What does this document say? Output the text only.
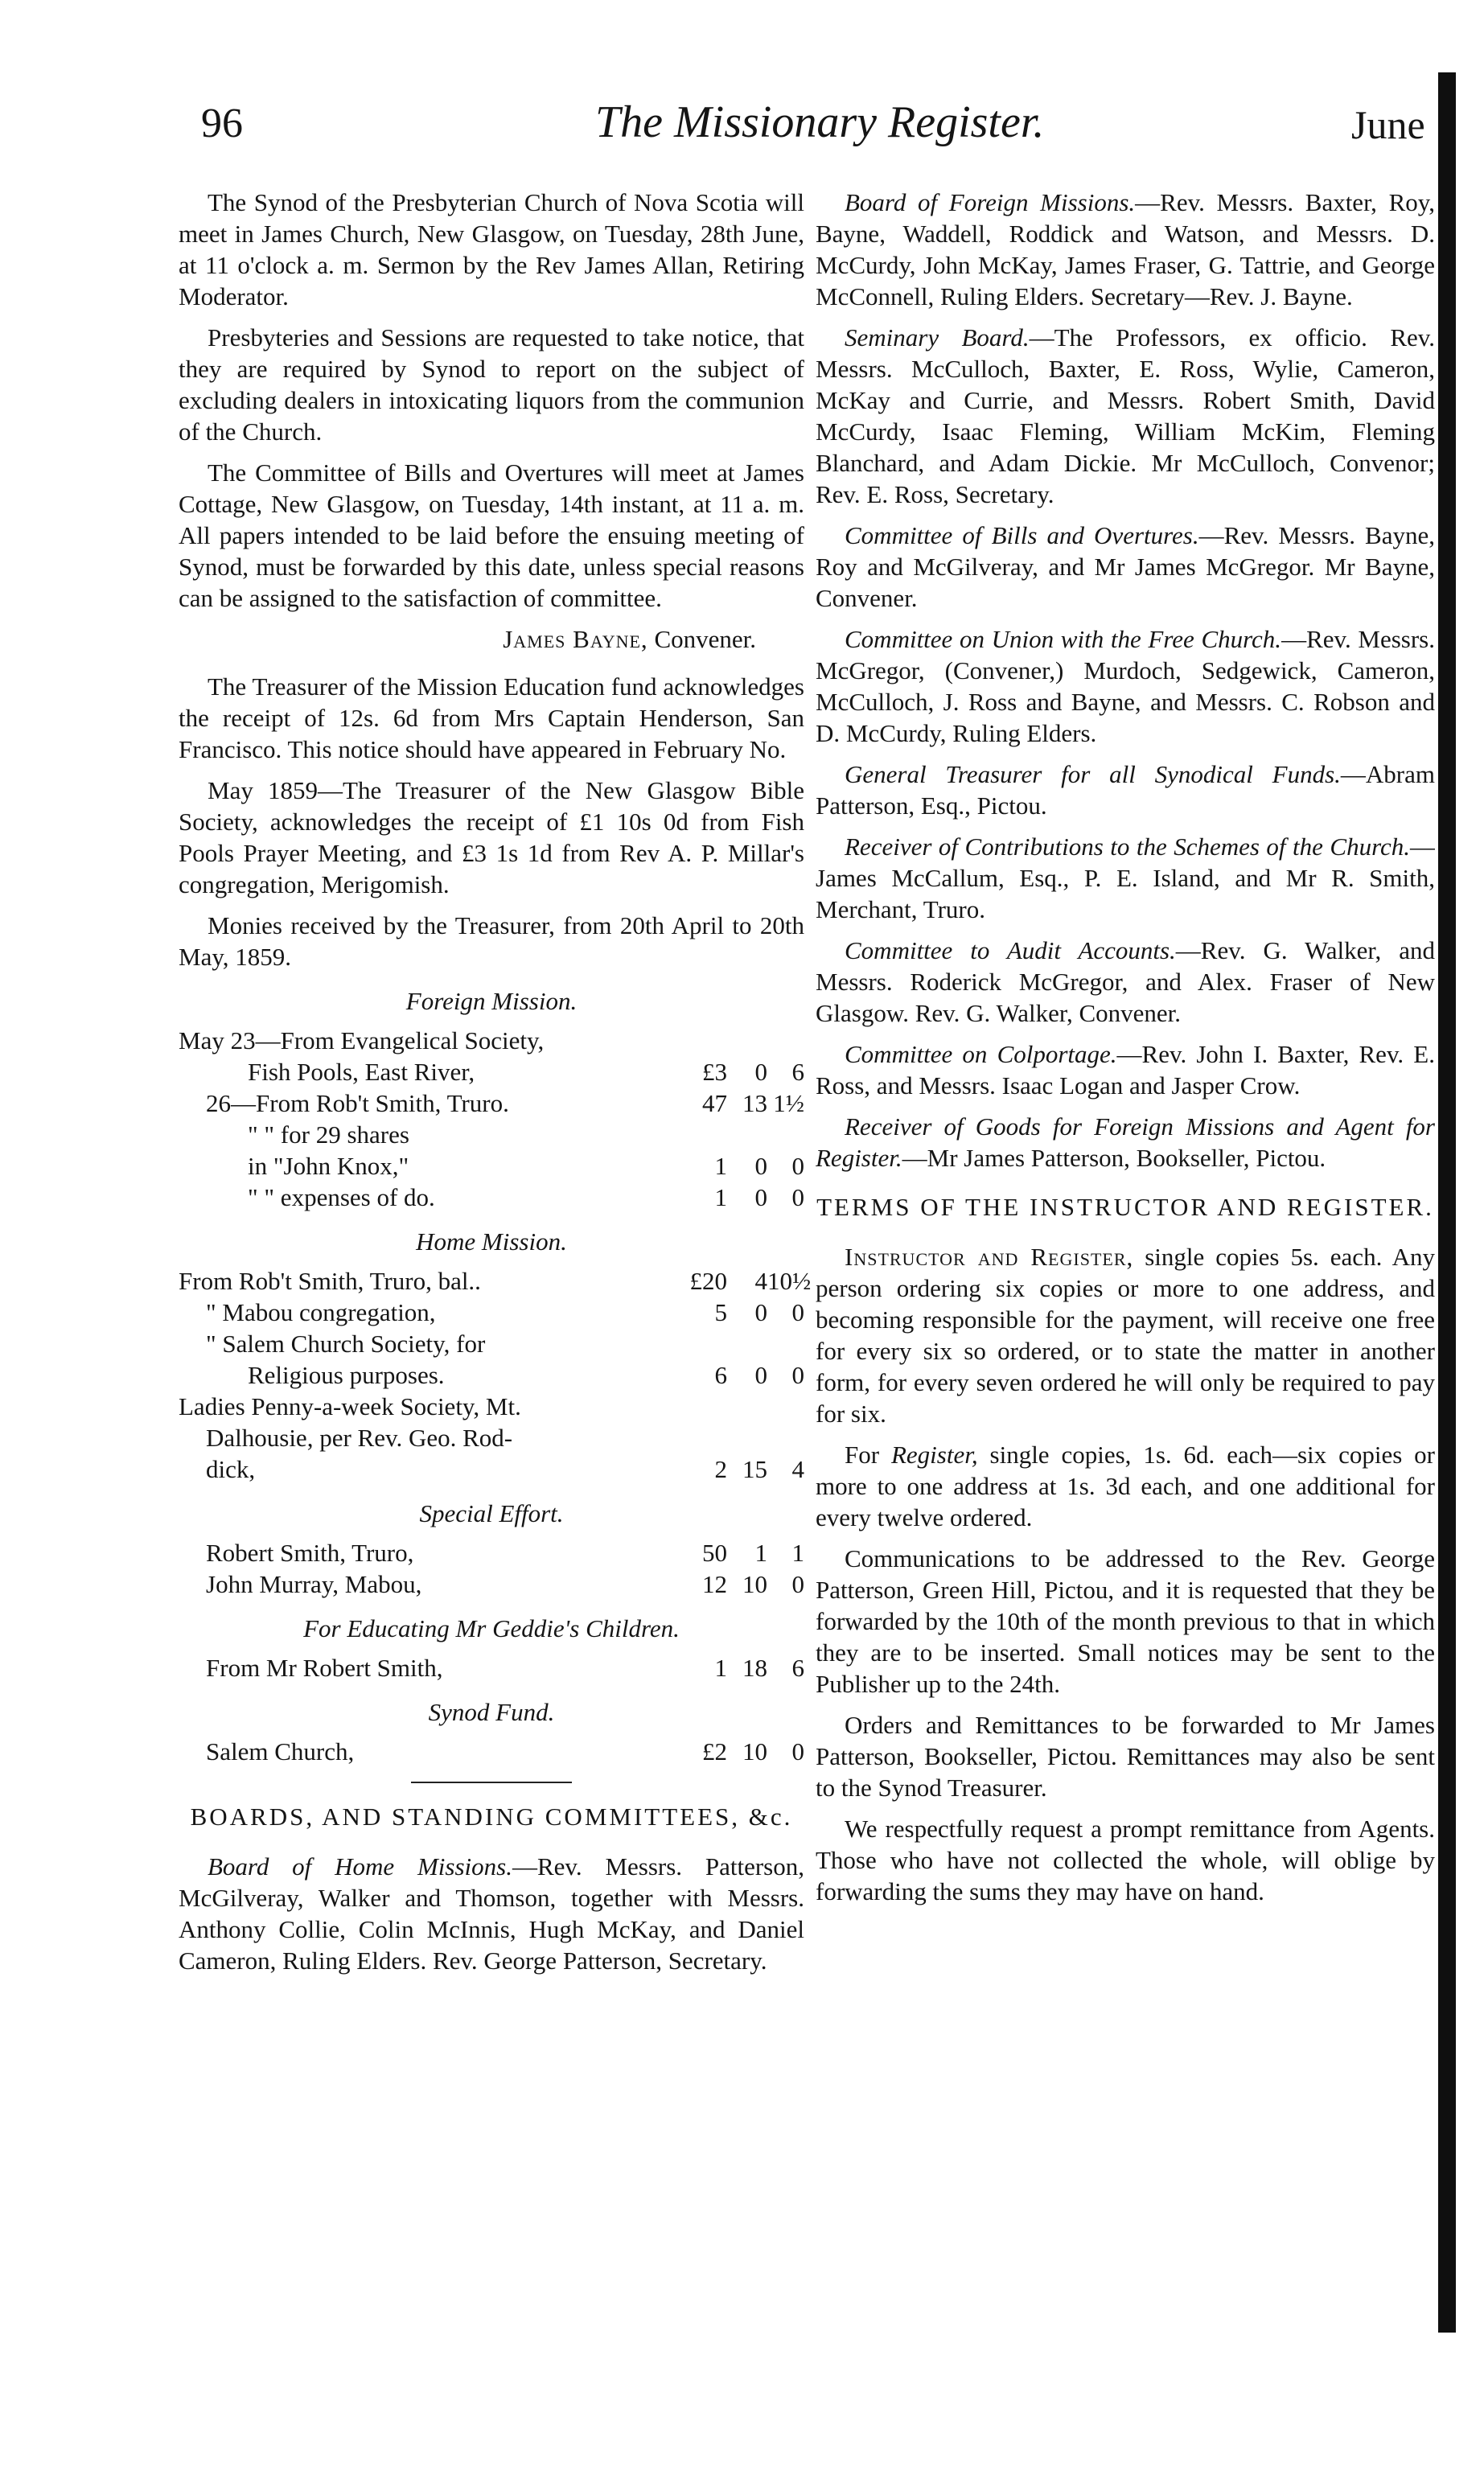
96	The Missionary Register.	June

The Synod of the Presbyterian Church of Nova Scotia will meet in James Church, New Glasgow, on Tuesday, 28th June, at 11 o'clock a. m. Sermon by the Rev James Allan, Retiring Moderator.

Presbyteries and Sessions are requested to take notice, that they are required by Synod to report on the subject of excluding dealers in intoxicating liquors from the communion of the Church.

The Committee of Bills and Overtures will meet at James Cottage, New Glasgow, on Tuesday, 14th instant, at 11 a. m. All papers intended to be laid before the ensuing meeting of Synod, must be forwarded by this date, unless special reasons can be assigned to the satisfaction of committee.

James Bayne, Convener.

The Treasurer of the Mission Education fund acknowledges the receipt of 12s. 6d from Mrs Captain Henderson, San Francisco. This notice should have appeared in February No.

May 1859—The Treasurer of the New Glasgow Bible Society, acknowledges the receipt of £1 10s 0d from Fish Pools Prayer Meeting, and £3 1s 1d from Rev A. P. Millar's congregation, Merigomish.

Monies received by the Treasurer, from 20th April to 20th May, 1859.

Foreign Mission.
May 23—From Evangelical Society,
Fish Pools, East River,	£3	0 6
26—From Rob't Smith, Truro.	47 13 1½
" " for 29 shares
in "John Knox,"	1	0 0
" " expenses of do.	1	0 0
Home Mission.
From Rob't Smith, Truro, bal..	£20	4 10½
" Mabou congregation,	5	0 0
" Salem Church Society, for
Religious purposes.	6	0 0
Ladies Penny-a-week Society, Mt.
Dalhousie, per Rev. Geo. Rod-
dick,	2 15 4
Special Effort.
Robert Smith, Truro,	50	1 1
John Murray, Mabou,	12 10 0
For Educating Mr Geddie's Children.
From Mr Robert Smith,	1 18 6
Synod Fund.
Salem Church,	£2 10 0
BOARDS, AND STANDING COMMITTEES, &c.

Board of Home Missions.—Rev. Messrs. Patterson, McGilveray, Walker and Thomson, together with Messrs. Anthony Collie, Colin McInnis, Hugh McKay, and Daniel Cameron, Ruling Elders. Rev. George Patterson, Secretary.

Board of Foreign Missions.—Rev. Messrs. Baxter, Roy, Bayne, Waddell, Roddick and Watson, and Messrs. D. McCurdy, John McKay, James Fraser, G. Tattrie, and George McConnell, Ruling Elders. Secretary—Rev. J. Bayne.

Seminary Board.—The Professors, ex officio. Rev. Messrs. McCulloch, Baxter, E. Ross, Wylie, Cameron, McKay and Currie, and Messrs. Robert Smith, David McCurdy, Isaac Fleming, William McKim, Fleming Blanchard, and Adam Dickie. Mr McCulloch, Convenor; Rev. E. Ross, Secretary.

Committee of Bills and Overtures.—Rev. Messrs. Bayne, Roy and McGilveray, and Mr James McGregor. Mr Bayne, Convener.

Committee on Union with the Free Church.—Rev. Messrs. McGregor, (Convener,) Murdoch, Sedgewick, Cameron, McCulloch, J. Ross and Bayne, and Messrs. C. Robson and D. McCurdy, Ruling Elders.

General Treasurer for all Synodical Funds.—Abram Patterson, Esq., Pictou.

Receiver of Contributions to the Schemes of the Church.—James McCallum, Esq., P. E. Island, and Mr R. Smith, Merchant, Truro.

Committee to Audit Accounts.—Rev. G. Walker, and Messrs. Roderick McGregor, and Alex. Fraser of New Glasgow. Rev. G. Walker, Convener.

Committee on Colportage.—Rev. John I. Baxter, Rev. E. Ross, and Messrs. Isaac Logan and Jasper Crow.

Receiver of Goods for Foreign Missions and Agent for Register.—Mr James Patterson, Bookseller, Pictou.

TERMS OF THE INSTRUCTOR AND REGISTER.

Instructor and Register, single copies 5s. each. Any person ordering six copies or more to one address, and becoming responsible for the payment, will receive one free for every six so ordered, or to state the matter in another form, for every seven ordered he will only be required to pay for six.

For Register, single copies, 1s. 6d. each—six copies or more to one address at 1s. 3d each, and one additional for every twelve ordered.

Communications to be addressed to the Rev. George Patterson, Green Hill, Pictou, and it is requested that they be forwarded by the 10th of the month previous to that in which they are to be inserted. Small notices may be sent to the Publisher up to the 24th.

Orders and Remittances to be forwarded to Mr James Patterson, Bookseller, Pictou. Remittances may also be sent to the Synod Treasurer.

We respectfully request a prompt remittance from Agents. Those who have not collected the whole, will oblige by forwarding the sums they may have on hand.
